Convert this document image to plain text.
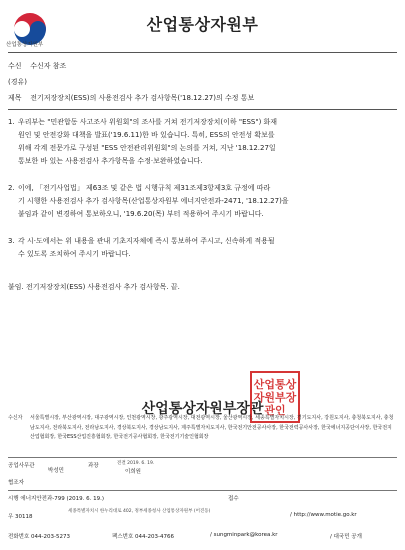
산업통상자원부
산업통상자원부
수신 수신자 참조
(경유)
제목 전기저장장치(ESS)의 사용전검사 추가 검사항목('18.12.27)의 수정 통보
1. 우리부는 "민관합동 사고조사 위원회"의 조사를 거쳐 전기저장장치(이하 "ESS") 화재
원인 및 안전강화 대책을 발표('19.6.11)한 바 있습니다. 특히, ESS의 안전성 확보를
위해 각계 전문가로 구성된 "ESS 안전관리위원회"의 논의를 거쳐, 지난 '18.12.27일
통보한 바 있는 사용전검사 추가항목을 수정·보완하였습니다.
2. 이에, 「전기사업법」 제63조 및 같은 법 시행규칙 제31조제3항제3호 규정에 따라
기 시행한 사용전검사 추가 검사항목(산업통상자원부 에너지안전과-2471, '18.12.27)을
붙임과 같이 변경하여 통보하오니, '19.6.20(목) 부터 적용하여 주시기 바랍니다.
3. 각 시·도에서는 위 내용을 관내 기초지자체에 즉시 통보하여 주시고, 신속하게 적용될
수 있도록 조치하여 주시기 바랍니다.
붙임. 전기저장장치(ESS) 사용전검사 추가 검사항목. 끝.
산업통상자원부장관
산업통상
자원부장
관인
수신자 서울특별시장, 부산광역시장, 대구광역시장, 인천광역시장, 광주광역시장, 대전광역시장, 울산광역시장, 세종특별자치시장, 경기도지사, 강원도지사, 충청북도지사, 충청남도지사, 전라북도지사, 전라남도지사, 경상북도지사, 경상남도지사, 제주특별자치도지사, 한국전기안전공사사장, 한국전력공사사장, 한국에너지공단이사장, 한국전지산업협회장, 한국ESS산업진흥협회장, 한국전기공사협회장, 한국전기기술인협회장
공업사무관
박성민
과장	전결 2019. 6. 19.
이희원
협조자
시행 에너지안전과-799 (2019. 6. 19.)	접수
우 30118
세종특별자치시 한누리대로 402, 정부세종청사 산업통상자원부 (어진동)
/ http://www.motie.go.kr
전화번호 044-203-5273	팩스번호 044-203-4766	/ sungminpark@korea.kr	/ 대국민 공개
